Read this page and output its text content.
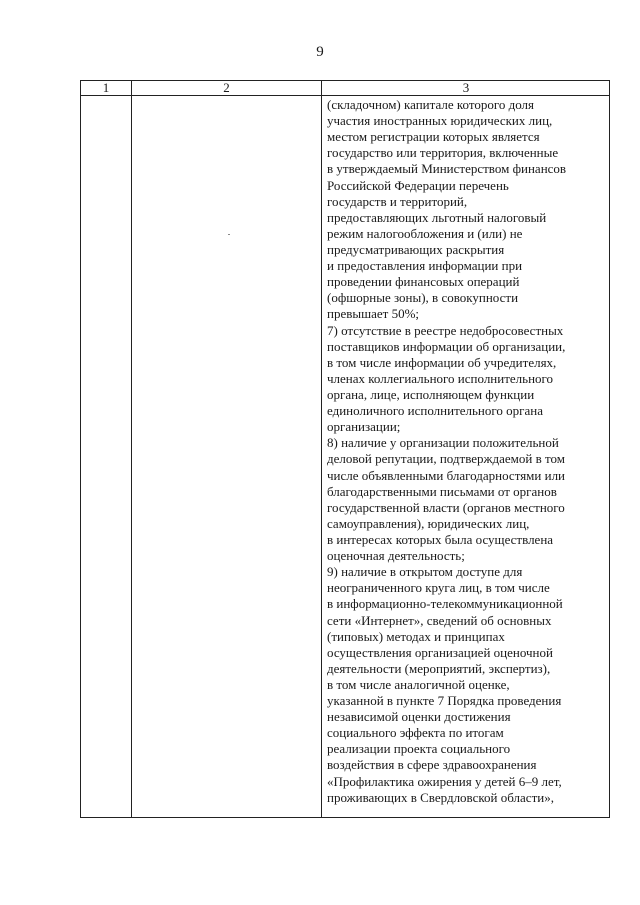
9
1	2	3
(складочном) капитале которого доля
участия иностранных юридических лиц,
местом регистрации которых является
государство или территория, включенные
в утверждаемый Министерством финансов
Российской Федерации перечень
государств и территорий,
предоставляющих льготный налоговый
режим налогообложения и (или) не
предусматривающих раскрытия
и предоставления информации при
проведении финансовых операций
(офшорные зоны), в совокупности
превышает 50%;
7) отсутствие в реестре недобросовестных
поставщиков информации об организации,
в том числе информации об учредителях,
членах коллегиального исполнительного
органа, лице, исполняющем функции
единоличного исполнительного органа
организации;
8) наличие у организации положительной
деловой репутации, подтверждаемой в том
числе объявленными благодарностями или
благодарственными письмами от органов
государственной власти (органов местного
самоуправления), юридических лиц,
в интересах которых была осуществлена
оценочная деятельность;
9) наличие в открытом доступе для
неограниченного круга лиц, в том числе
в информационно-телекоммуникационной
сети «Интернет», сведений об основных
(типовых) методах и принципах
осуществления организацией оценочной
деятельности (мероприятий, экспертиз),
в том числе аналогичной оценке,
указанной в пункте 7 Порядка проведения
независимой оценки достижения
социального эффекта по итогам
реализации проекта социального
воздействия в сфере здравоохранения
«Профилактика ожирения у детей 6–9 лет,
проживающих в Свердловской области»,
